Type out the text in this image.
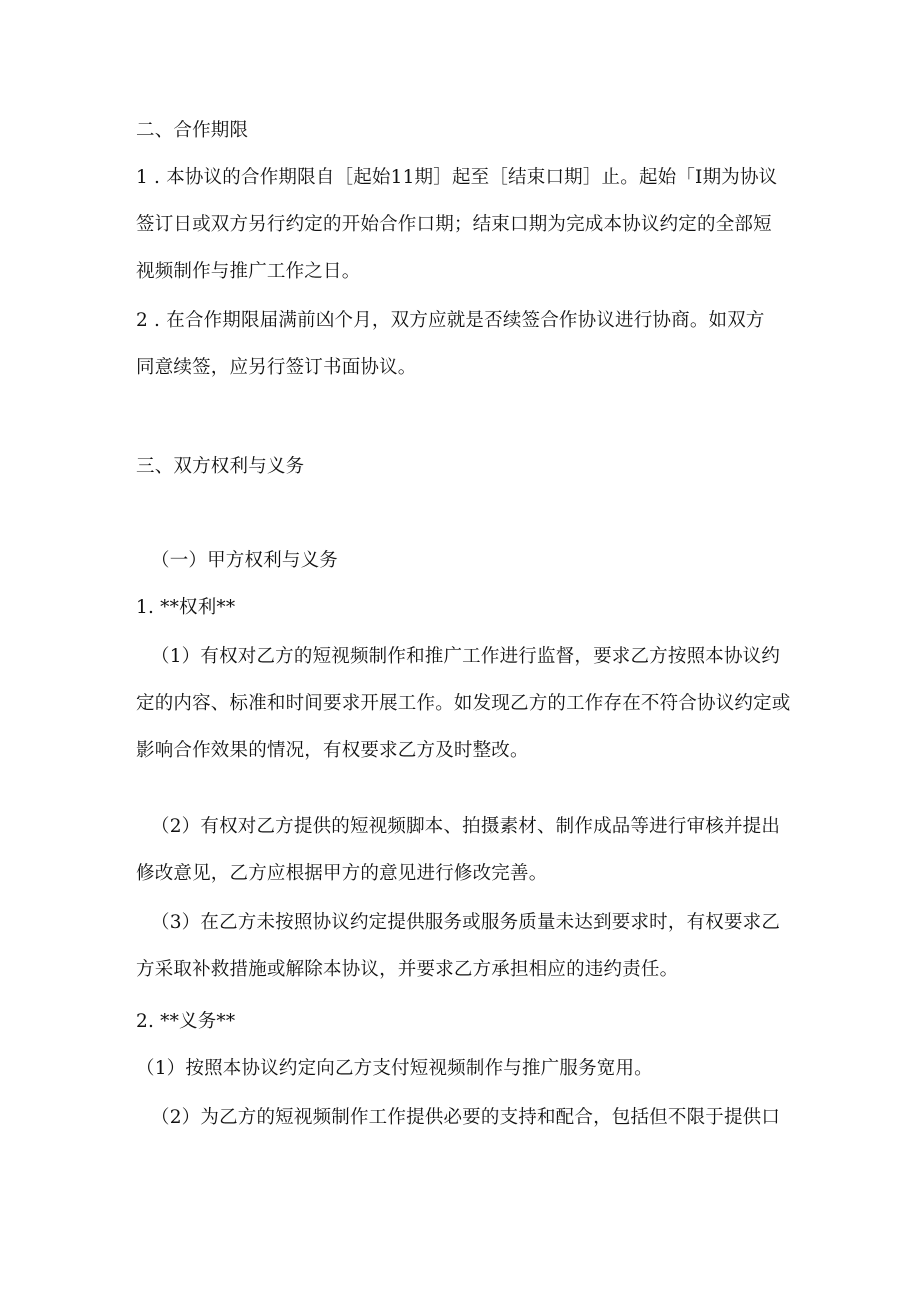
二、合作期限
1 . 本协议的合作期限自［起始11期］起至［结束口期］止。起始「I期为协议
签订日或双方另行约定的开始合作口期；结束口期为完成本协议约定的全部短
视频制作与推广工作之日。
2 . 在合作期限届满前凶个月，双方应就是否续签合作协议进行协商。如双方
同意续签，应另行签订书面协议。
三、双方权利与义务
（一）甲方权利与义务
1. **权利**
（1）有权对乙方的短视频制作和推广工作进行监督，要求乙方按照本协议约
定的内容、标准和时间要求开展工作。如发现乙方的工作存在不符合协议约定或
影响合作效果的情况，有权要求乙方及时整改。
（2）有权对乙方提供的短视频脚本、拍摄素材、制作成品等进行审核并提出
修改意见，乙方应根据甲方的意见进行修改完善。
（3）在乙方未按照协议约定提供服务或服务质量未达到要求时，有权要求乙
方采取补救措施或解除本协议，并要求乙方承担相应的违约责任。
2. **义务**
（1）按照本协议约定向乙方支付短视频制作与推广服务宽用。
（2）为乙方的短视频制作工作提供必要的支持和配合，包括但不限于提供口
